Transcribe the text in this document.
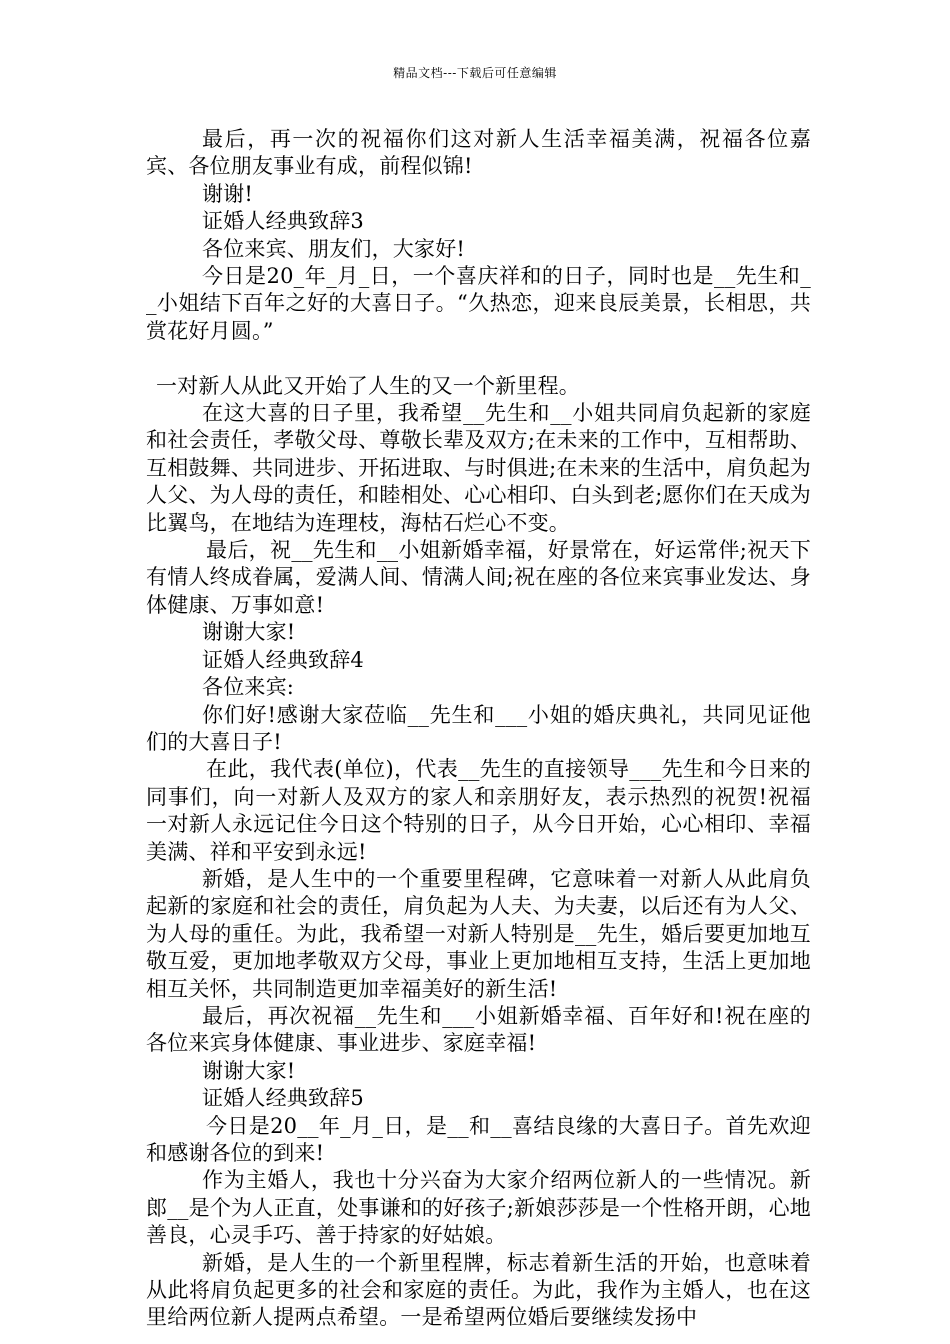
精品文档---下载后可任意编辑

最后，再一次的祝福你们这对新人生活幸福美满，祝福各位嘉宾、各位朋友事业有成，前程似锦!

谢谢!

证婚人经典致辞3

各位来宾、朋友们，大家好!

今日是20_年_月_日，一个喜庆祥和的日子，同时也是__先生和__小姐结下百年之好的大喜日子。“久热恋，迎来良辰美景，长相思，共赏花好月圆。”

一对新人从此又开始了人生的又一个新里程。

在这大喜的日子里，我希望__先生和__小姐共同肩负起新的家庭和社会责任，孝敬父母、尊敬长辈及双方;在未来的工作中，互相帮助、互相鼓舞、共同进步、开拓进取、与时俱进;在未来的生活中，肩负起为人父、为人母的责任，和睦相处、心心相印、白头到老;愿你们在天成为比翼鸟，在地结为连理枝，海枯石烂心不变。

最后，祝__先生和__小姐新婚幸福，好景常在，好运常伴;祝天下有情人终成眷属，爱满人间、情满人间;祝在座的各位来宾事业发达、身体健康、万事如意!

谢谢大家!

证婚人经典致辞4

各位来宾:

你们好!感谢大家莅临__先生和___小姐的婚庆典礼，共同见证他们的大喜日子!

在此，我代表(单位)，代表__先生的直接领导___先生和今日来的同事们，向一对新人及双方的家人和亲朋好友，表示热烈的祝贺!祝福一对新人永远记住今日这个特别的日子，从今日开始，心心相印、幸福美满、祥和平安到永远!

新婚，是人生中的一个重要里程碑，它意味着一对新人从此肩负起新的家庭和社会的责任，肩负起为人夫、为夫妻，以后还有为人父、为人母的重任。为此，我希望一对新人特别是__先生，婚后要更加地互敬互爱，更加地孝敬双方父母，事业上更加地相互支持，生活上更加地相互关怀，共同制造更加幸福美好的新生活!

最后，再次祝福__先生和___小姐新婚幸福、百年好和!祝在座的各位来宾身体健康、事业进步、家庭幸福!

谢谢大家!

证婚人经典致辞5

今日是20__年_月_日，是__和__喜结良缘的大喜日子。首先欢迎和感谢各位的到来!

作为主婚人，我也十分兴奋为大家介绍两位新人的一些情况。新郎__是个为人正直，处事谦和的好孩子;新娘莎莎是一个性格开朗，心地善良，心灵手巧、善于持家的好姑娘。

新婚，是人生的一个新里程牌，标志着新生活的开始，也意味着从此将肩负起更多的社会和家庭的责任。为此，我作为主婚人，也在这里给两位新人提两点希望。一是希望两位婚后要继续发扬中
